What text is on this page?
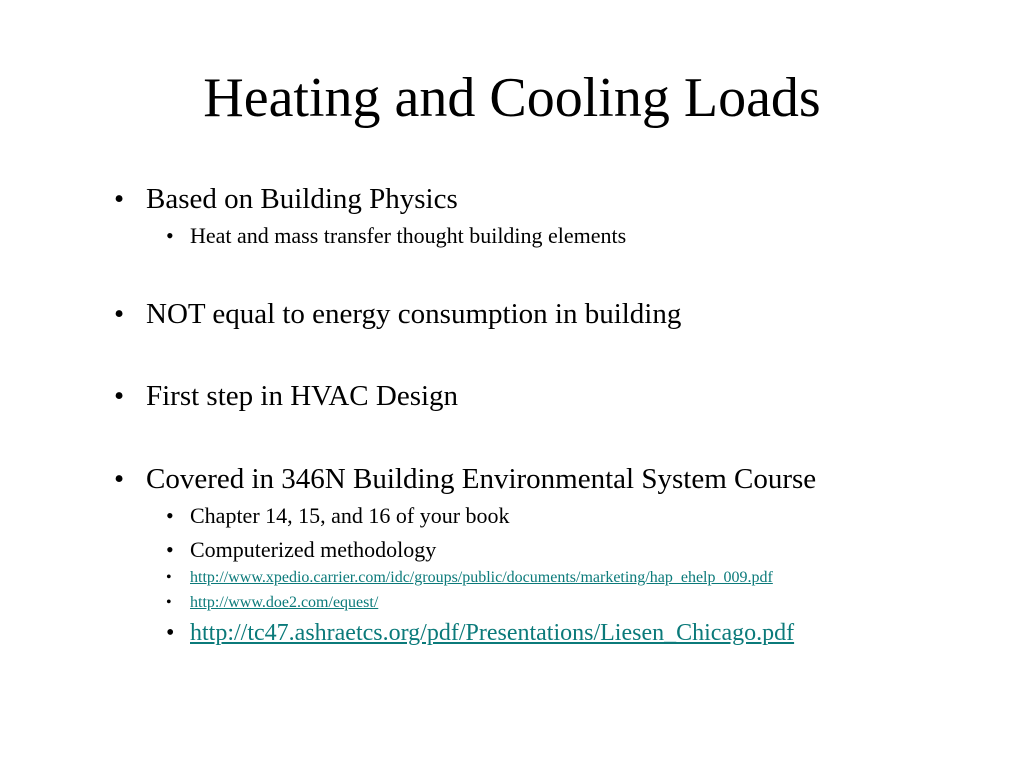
Heating and Cooling Loads
• Based on Building Physics
• Heat and mass transfer thought building elements
• NOT equal to energy consumption in building
• First step in HVAC Design
• Covered in 346N Building Environmental System Course
• Chapter 14, 15, and 16 of your book
• Computerized methodology
• http://www.xpedio.carrier.com/idc/groups/public/documents/marketing/hap_ehelp_009.pdf
• http://www.doe2.com/equest/
• http://tc47.ashraetcs.org/pdf/Presentations/Liesen_Chicago.pdf
